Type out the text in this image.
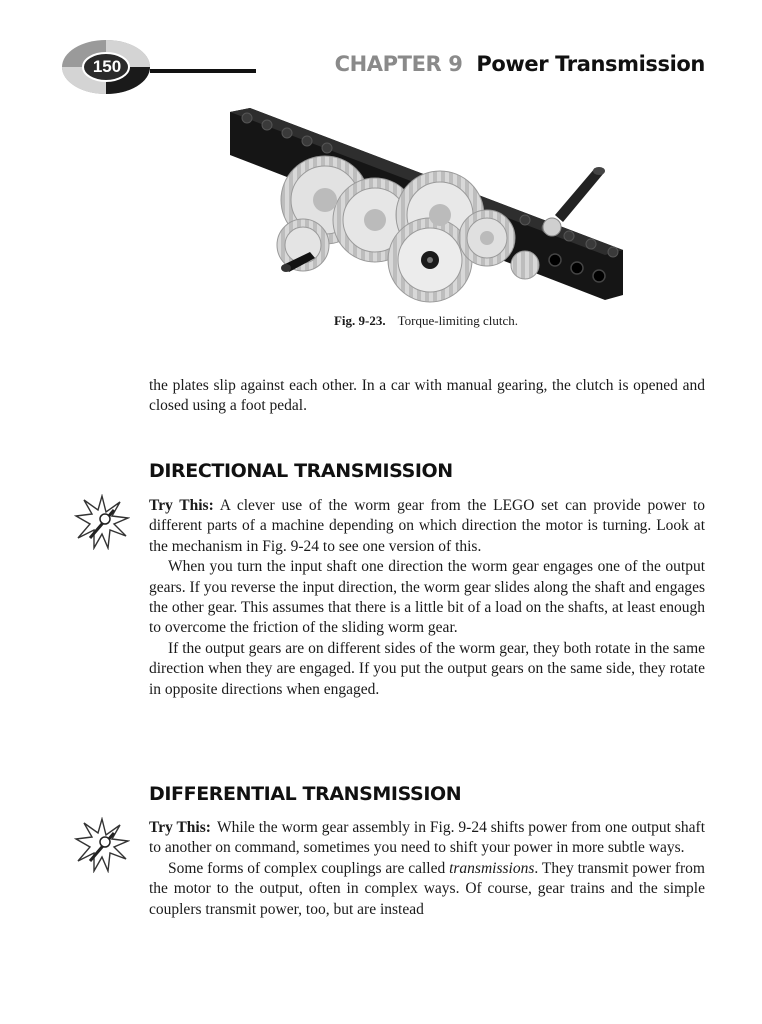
150	CHAPTER 9 Power Transmission
Fig. 9-23. Torque-limiting clutch.

the plates slip against each other. In a car with manual gearing, the clutch is opened and closed using a foot pedal.

DIRECTIONAL TRANSMISSION

Try This: A clever use of the worm gear from the LEGO set can provide power to different parts of a machine depending on which direction the motor is turning. Look at the mechanism in Fig. 9-24 to see one version of this.

When you turn the input shaft one direction the worm gear engages one of the output gears. If you reverse the input direction, the worm gear slides along the shaft and engages the other gear. This assumes that there is a little bit of a load on the shafts, at least enough to overcome the friction of the sliding worm gear.

If the output gears are on different sides of the worm gear, they both rotate in the same direction when they are engaged. If you put the output gears on the same side, they rotate in opposite directions when engaged.

DIFFERENTIAL TRANSMISSION

Try This: While the worm gear assembly in Fig. 9-24 shifts power from one output shaft to another on command, sometimes you need to shift your power in more subtle ways.

Some forms of complex couplings are called transmissions. They transmit power from the motor to the output, often in complex ways. Of course, gear trains and the simple couplers transmit power, too, but are instead
